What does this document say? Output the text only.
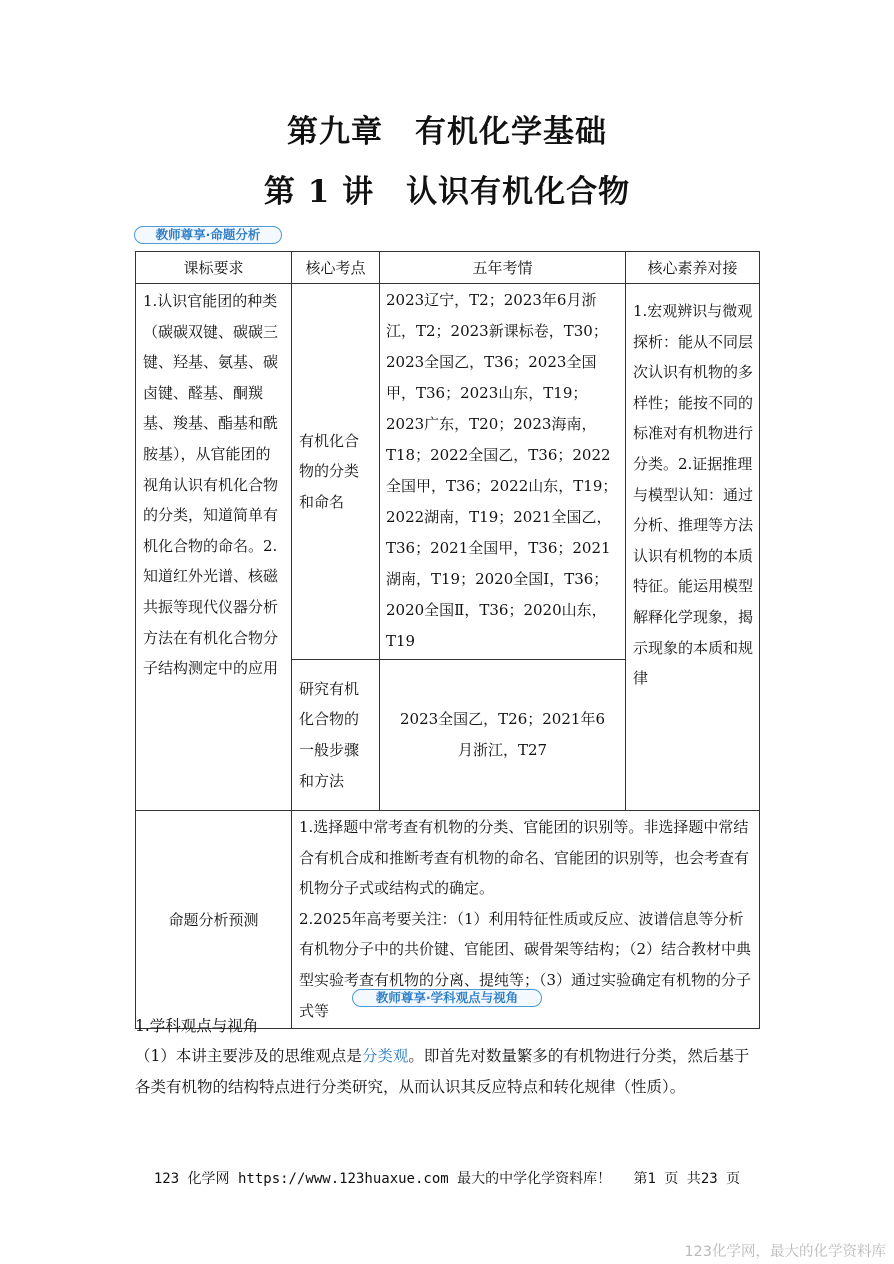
第九章　有机化学基础
第 1 讲　认识有机化合物
教师尊享·命题分析
课标要求	核心考点	五年考情	核心素养对接

1.认识官能团的种类（碳碳双键、碳碳三键、羟基、氨基、碳卤键、醛基、酮羰基、羧基、酯基和酰胺基），从官能团的视角认识有机化合物的分类，知道简单有机化合物的命名。2.知道红外光谱、核磁共振等现代仪器分析方法在有机化合物分子结构测定中的应用	有机化合物的分类和命名	2023辽宁，T2；2023年6月浙江，T2；2023新课标卷，T30；2023全国乙，T36；2023全国甲，T36；2023山东，T19；2023广东，T20；2023海南，T18；2022全国乙，T36；2022全国甲，T36；2022山东，T19；2022湖南，T19；2021全国乙，T36；2021全国甲，T36；2021湖南，T19；2020全国Ⅰ，T36；2020全国Ⅱ，T36；2020山东，T19	1.宏观辨识与微观探析：能从不同层次认识有机物的多样性；能按不同的标准对有机物进行分类。2.证据推理与模型认知：通过分析、推理等方法认识有机物的本质特征。能运用模型解释化学现象，揭示现象的本质和规律

	研究有机化合物的一般步骤和方法	2023全国乙，T26；2021年6月浙江，T27	

命题分析预测	1.选择题中常考查有机物的分类、官能团的识别等。非选择题中常结合有机合成和推断考查有机物的命名、官能团的识别等，也会考查有机物分子式或结构式的确定。
2.2025年高考要关注：（1）利用特征性质或反应、波谱信息等分析有机物分子中的共价键、官能团、碳骨架等结构；（2）结合教材中典型实验考查有机物的分离、提纯等；（3）通过实验确定有机物的分子式等		
教师尊享·学科观点与视角
1.学科观点与视角
（1）本讲主要涉及的思维观点是分类观。即首先对数量繁多的有机物进行分类，然后基于各类有机物的结构特点进行分类研究，从而认识其反应特点和转化规律（性质）。
123 化学网 https://www.123huaxue.com 最大的中学化学资料库！　 第1 页 共23 页
123化学网，最大的化学资料库
